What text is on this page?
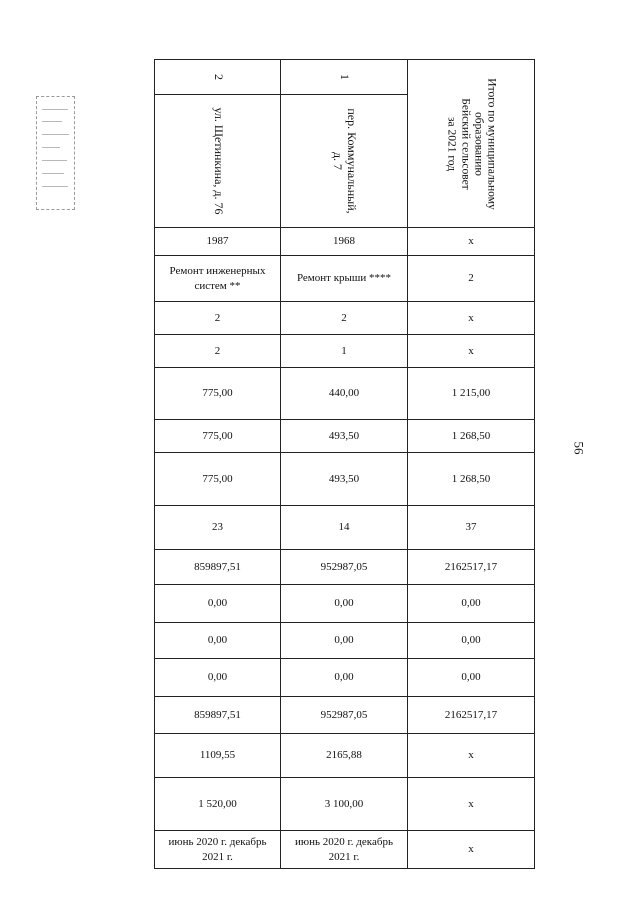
56
2	1	Итого по муниципальному
образованию
Бейский сельсовет
за 2021 год

ул. Щетинкина, д. 76	пер. Коммунальный,
д. 7	

1987	1968	x
Ремонт инженерных систем **	Ремонт крыши ****	2
2	2	x
2	1	x
775,00	440,00	1 215,00
775,00	493,50	1 268,50
775,00	493,50	1 268,50
23	14	37
859897,51	952987,05	2162517,17
0,00	0,00	0,00
0,00	0,00	0,00
0,00	0,00	0,00
859897,51	952987,05	2162517,17
1109,55	2165,88	x
1 520,00	3 100,00	x
июнь 2020 г. декабрь 2021 г.	июнь 2020 г. декабрь 2021 г.	x
